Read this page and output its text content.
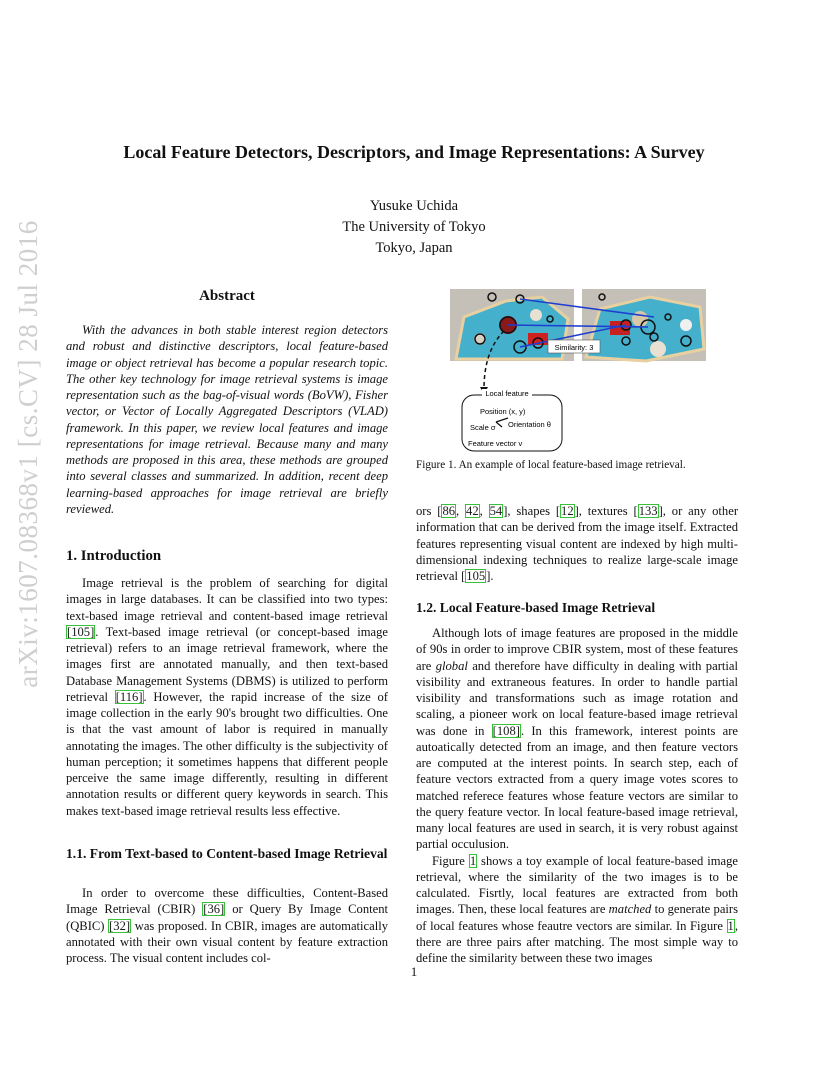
arXiv:1607.08368v1 [cs.CV] 28 Jul 2016
Local Feature Detectors, Descriptors, and Image Representations: A Survey
Yusuke Uchida
The University of Tokyo
Tokyo, Japan
Abstract

With the advances in both stable interest region detectors and robust and distinctive descriptors, local feature-based image or object retrieval has become a popular research topic. The other key technology for image retrieval systems is image representation such as the bag-of-visual words (BoVW), Fisher vector, or Vector of Locally Aggregated Descriptors (VLAD) framework. In this paper, we review local features and image representations for image retrieval. Because many and many methods are proposed in this area, these methods are grouped into several classes and summarized. In addition, recent deep learning-based approaches for image retrieval are briefly reviewed.

1. Introduction

Image retrieval is the problem of searching for digital images in large databases. It can be classified into two types: text-based image retrieval and content-based image retrieval [105]. Text-based image retrieval (or concept-based image retrieval) refers to an image retrieval framework, where the images first are annotated manually, and then text-based Database Management Systems (DBMS) is utilized to perform retrieval [116]. However, the rapid increase of the size of image collection in the early 90's brought two difficulties. One is that the vast amount of labor is required in manually annotating the images. The other difficulty is the subjectivity of human perception; it sometimes happens that different people perceive the same image differently, resulting in different annotation results or different query keywords in search. This makes text-based image retrieval results less effective.

1.1. From Text-based to Content-based Image Retrieval

In order to overcome these difficulties, Content-Based Image Retrieval (CBIR) [36] or Query By Image Content (QBIC) [32] was proposed. In CBIR, images are automatically annotated with their own visual content by feature extraction process. The visual content includes col-

Similarity: 3
Local feature
Position (x, y)
Orientation θ
Scale σ
Feature vector v
Figure 1. An example of local feature-based image retrieval.

ors [86, 42, 54], shapes [12], textures [133], or any other information that can be derived from the image itself. Extracted features representing visual content are indexed by high multi-dimensional indexing techniques to realize large-scale image retrieval [105].

1.2. Local Feature-based Image Retrieval

Although lots of image features are proposed in the middle of 90s in order to improve CBIR system, most of these features are global and therefore have difficulty in dealing with partial visibility and extraneous features. In order to handle partial visibility and transformations such as image rotation and scaling, a pioneer work on local feature-based image retrieval was done in [108]. In this framework, interest points are autoatically detected from an image, and then feature vectors are computed at the interest points. In search step, each of feature vectors extracted from a query image votes scores to matched referece features whose feature vectors are similar to the query feature vector. In local feature-based image retrieval, many local features are used in search, it is very robust against partial occulusion.

Figure 1 shows a toy example of local feature-based image retrieval, where the similarity of the two images is to be calculated. Fisrtly, local features are extracted from both images. Then, these local features are matched to generate pairs of local features whose feautre vectors are similar. In Figure 1, there are three pairs after matching. The most simple way to define the similarity between these two images

1
